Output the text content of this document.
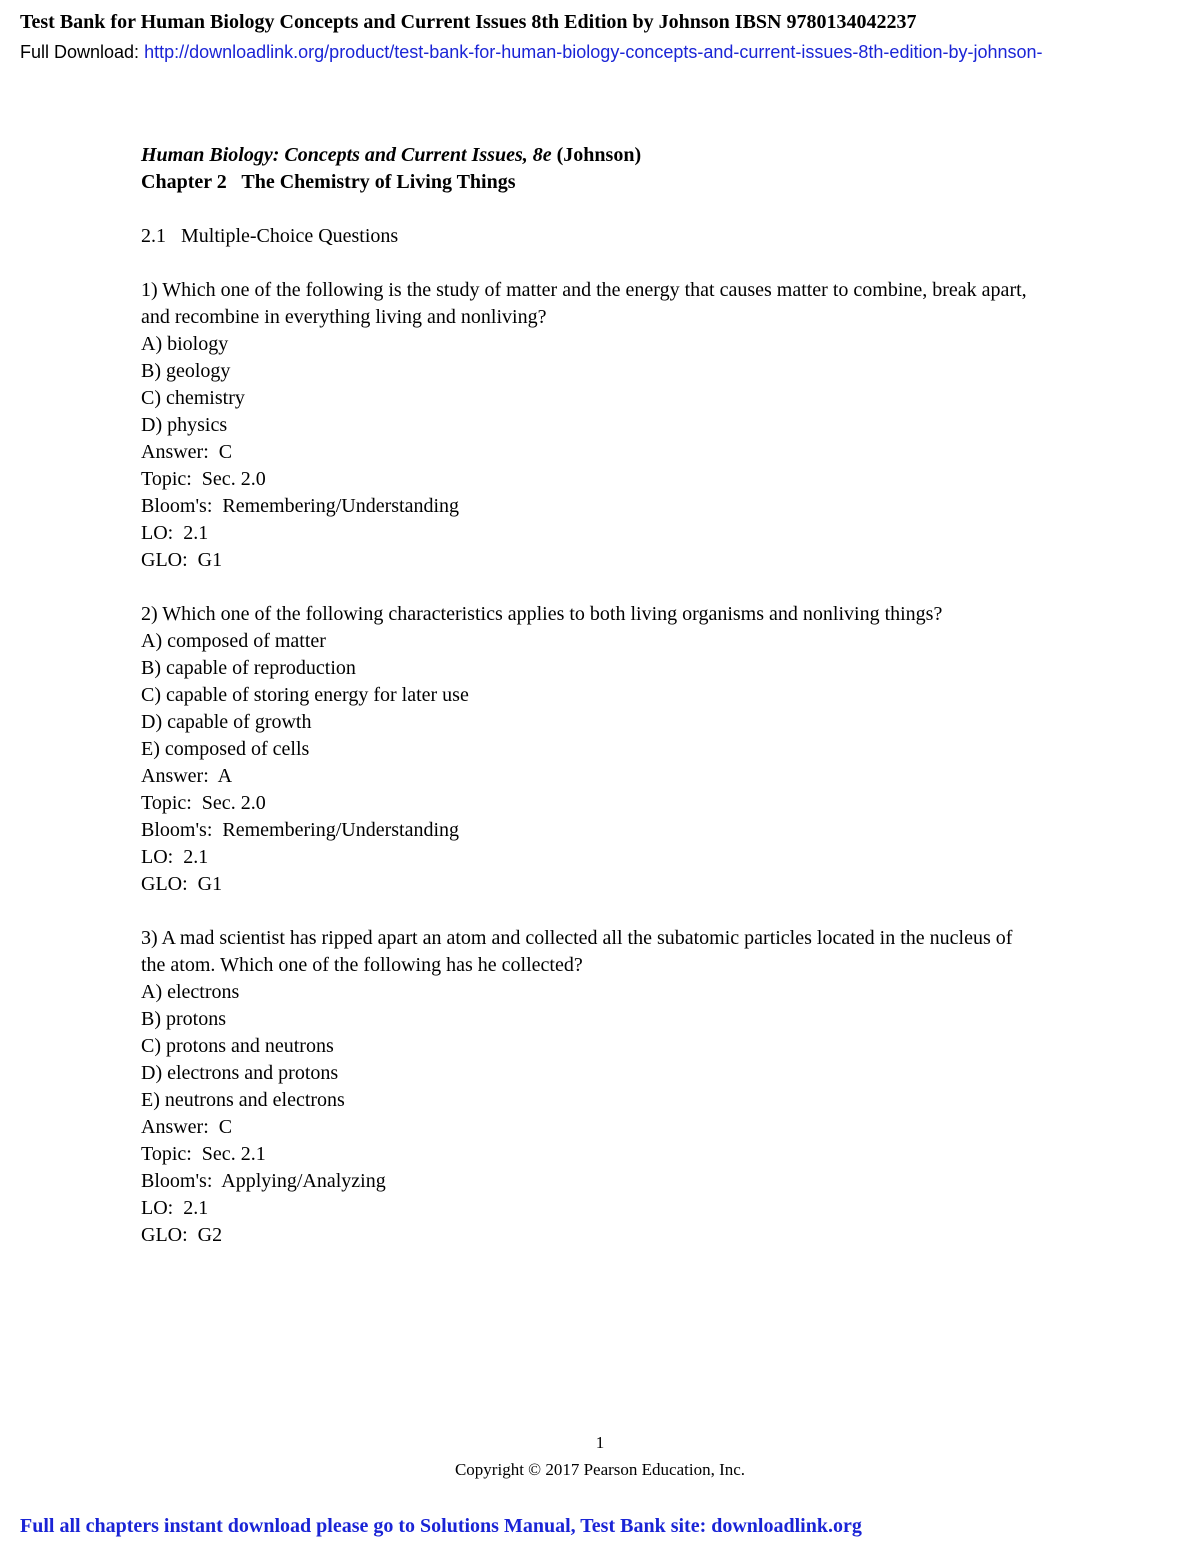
Test Bank for Human Biology Concepts and Current Issues 8th Edition by Johnson IBSN 9780134042237
Full Download: http://downloadlink.org/product/test-bank-for-human-biology-concepts-and-current-issues-8th-edition-by-johnson-

Human Biology: Concepts and Current Issues, 8e (Johnson)

Chapter 2   The Chemistry of Living Things

2.1   Multiple-Choice Questions

1) Which one of the following is the study of matter and the energy that causes matter to combine, break apart, and recombine in everything living and nonliving?

A) biology

B) geology

C) chemistry

D) physics

Answer:  C

Topic:  Sec. 2.0

Bloom's:  Remembering/Understanding

LO:  2.1

GLO:  G1

2) Which one of the following characteristics applies to both living organisms and nonliving things?

A) composed of matter

B) capable of reproduction

C) capable of storing energy for later use

D) capable of growth

E) composed of cells

Answer:  A

Topic:  Sec. 2.0

Bloom's:  Remembering/Understanding

LO:  2.1

GLO:  G1

3) A mad scientist has ripped apart an atom and collected all the subatomic particles located in the nucleus of the atom. Which one of the following has he collected?

A) electrons

B) protons

C) protons and neutrons

D) electrons and protons

E) neutrons and electrons

Answer:  C

Topic:  Sec. 2.1

Bloom's:  Applying/Analyzing

LO:  2.1

GLO:  G2

1
Copyright © 2017 Pearson Education, Inc.
Full all chapters instant download please go to Solutions Manual, Test Bank site: downloadlink.org
